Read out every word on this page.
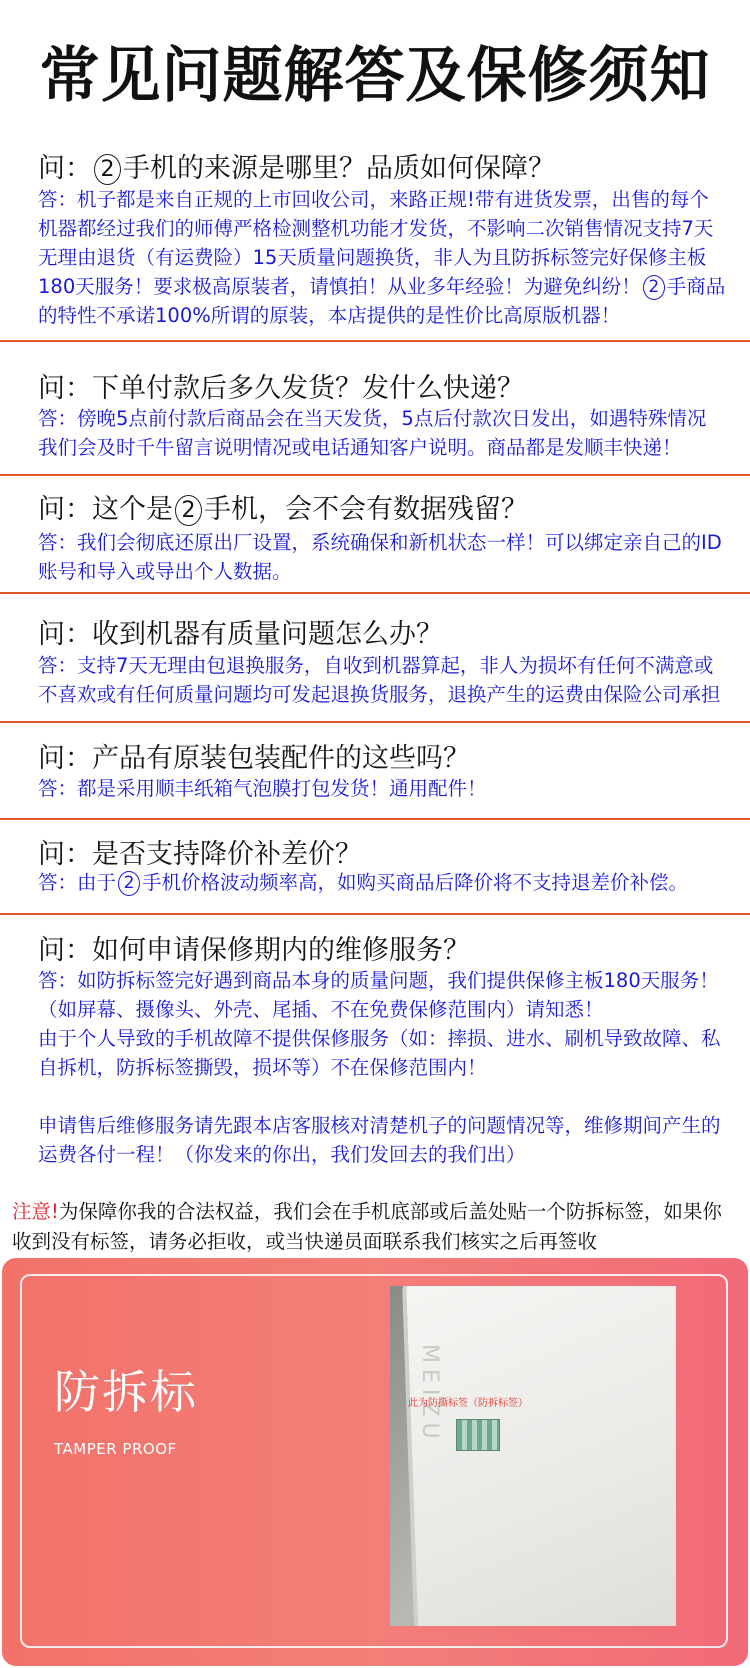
常见问题解答及保修须知
问： 2 手机的来源是哪里？品质如何保障？
答：机子都是来自正规的上市回收公司，来路正规!带有进货发票，出售的每个
机器都经过我们的师傅严格检测整机功能才发货，不影响二次销售情况支持7天
无理由退货（有运费险）15天质量问题换货，非人为且防拆标签完好保修主板
180天服务！要求极高原装者，请慎拍！从业多年经验！为避免纠纷！ 2 手商品
的特性不承诺100%所谓的原装，本店提供的是性价比高原版机器！
问：下单付款后多久发货？发什么快递？
答：傍晚5点前付款后商品会在当天发货，5点后付款次日发出，如遇特殊情况
我们会及时千牛留言说明情况或电话通知客户说明。商品都是发顺丰快递！
问：这个是 2 手机，会不会有数据残留？
答：我们会彻底还原出厂设置，系统确保和新机状态一样！可以绑定亲自己的ID
账号和导入或导出个人数据。
问：收到机器有质量问题怎么办？
答：支持7天无理由包退换服务，自收到机器算起，非人为损坏有任何不满意或
不喜欢或有任何质量问题均可发起退换货服务，退换产生的运费由保险公司承担
问：产品有原装包装配件的这些吗？
答：都是采用顺丰纸箱气泡膜打包发货！通用配件！
问：是否支持降价补差价？
答：由于 2 手机价格波动频率高，如购买商品后降价将不支持退差价补偿。
问：如何申请保修期内的维修服务？
答：如防拆标签完好遇到商品本身的质量问题，我们提供保修主板180天服务！
（如屏幕、摄像头、外壳、尾插、不在免费保修范围内）请知悉！
由于个人导致的手机故障不提供保修服务（如：摔损、进水、刷机导致故障、私
自拆机，防拆标签撕毁，损坏等）不在保修范围内！

申请售后维修服务请先跟本店客服核对清楚机子的问题情况等，维修期间产生的
运费各付一程！（你发来的你出，我们发回去的我们出）
注意!为保障你我的合法权益，我们会在手机底部或后盖处贴一个防拆标签，如果你
收到没有标签，请务必拒收，或当快递员面联系我们核实之后再签收
防拆标
TAMPER PROOF
MEIZU
此为防撕标签（防拆标签）
